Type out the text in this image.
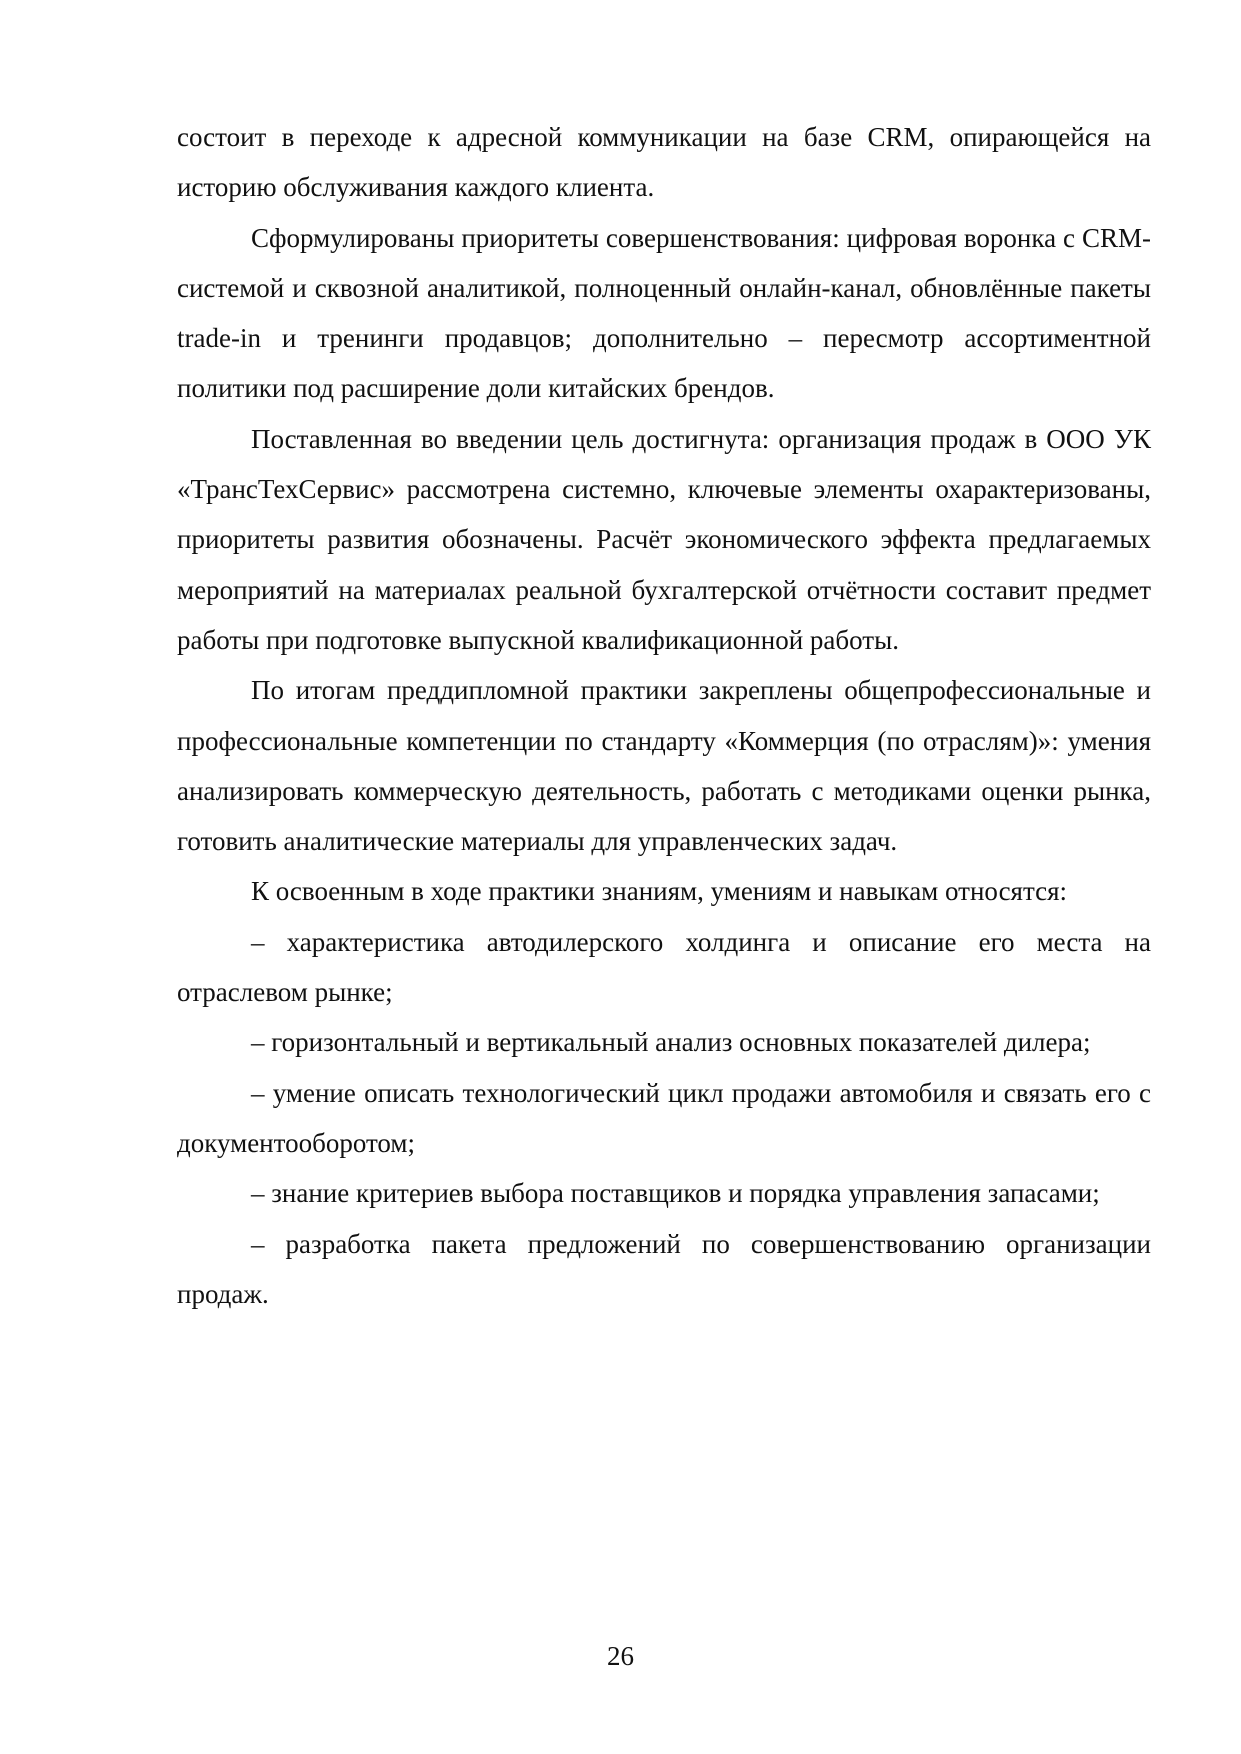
состоит в переходе к адресной коммуникации на базе CRM, опирающейся на историю обслуживания каждого клиента.

Сформулированы приоритеты совершенствования: цифровая воронка с CRM-системой и сквозной аналитикой, полноценный онлайн-канал, обновлённые пакеты trade-in и тренинги продавцов; дополнительно – пересмотр ассортиментной политики под расширение доли китайских брендов.

Поставленная во введении цель достигнута: организация продаж в ООО УК «ТрансТехСервис» рассмотрена системно, ключевые элементы охарактеризованы, приоритеты развития обозначены. Расчёт экономического эффекта предлагаемых мероприятий на материалах реальной бухгалтерской отчётности составит предмет работы при подготовке выпускной квалификационной работы.

По итогам преддипломной практики закреплены общепрофессиональные и профессиональные компетенции по стандарту «Коммерция (по отраслям)»: умения анализировать коммерческую деятельность, работать с методиками оценки рынка, готовить аналитические материалы для управленческих задач.

К освоенным в ходе практики знаниям, умениям и навыкам относятся:

– характеристика автодилерского холдинга и описание его места на отраслевом рынке;

– горизонтальный и вертикальный анализ основных показателей дилера;

– умение описать технологический цикл продажи автомобиля и связать его с документооборотом;

– знание критериев выбора поставщиков и порядка управления запасами;

– разработка пакета предложений по совершенствованию организации продаж.

26
